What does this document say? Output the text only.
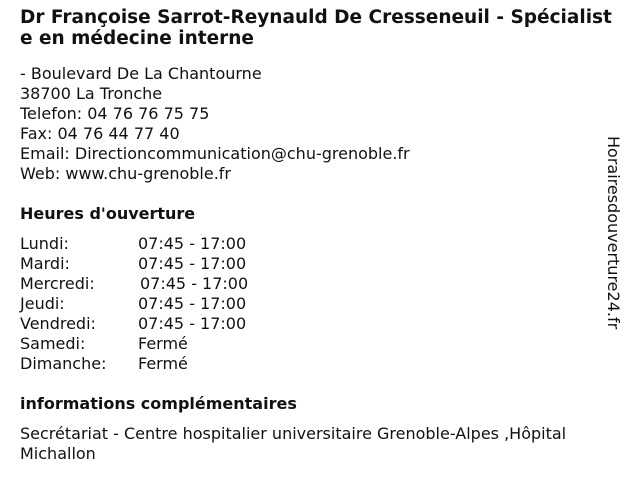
Dr Françoise Sarrot-Reynauld De Cresseneuil - Spécialiste en médecine interne
- Boulevard De La Chantourne
38700 La Tronche
Telefon: 04 76 76 75 75
Fax: 04 76 44 77 40
Email: Directioncommunication@chu-grenoble.fr
Web: www.chu-grenoble.fr
Heures d'ouverture
Lundi:	07:45 - 17:00
Mardi:	07:45 - 17:00
Mercredi:	07:45 - 17:00
Jeudi:	07:45 - 17:00
Vendredi:	07:45 - 17:00
Samedi:	Fermé
Dimanche: Fermé
informations complémentaires
Secrétariat - Centre hospitalier universitaire Grenoble-Alpes ,Hôpital Michallon
Horairesdouverture24.fr
